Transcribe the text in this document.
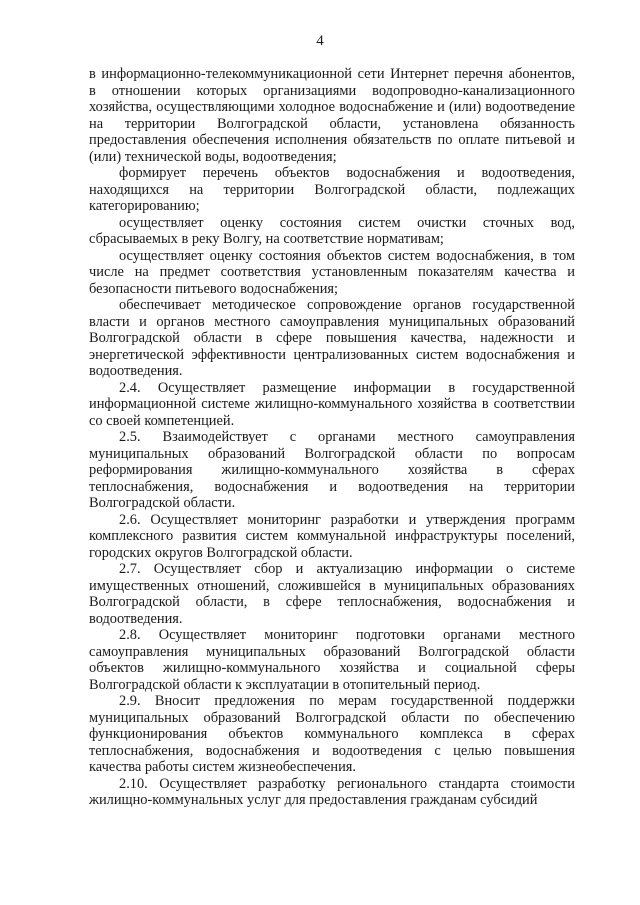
4

в информационно-телекоммуникационной сети Интернет перечня абонентов, в отношении которых организациями водопроводно-канализационного хозяйства, осуществляющими холодное водоснабжение и (или) водоотведение на территории Волгоградской области, установлена обязанность предоставления обеспечения исполнения обязательств по оплате питьевой и (или) технической воды, водоотведения;

формирует перечень объектов водоснабжения и водоотведения, находящихся на территории Волгоградской области, подлежащих категорированию;

осуществляет оценку состояния систем очистки сточных вод, сбрасываемых в реку Волгу, на соответствие нормативам;

осуществляет оценку состояния объектов систем водоснабжения, в том числе на предмет соответствия установленным показателям качества и безопасности питьевого водоснабжения;

обеспечивает методическое сопровождение органов государственной власти и органов местного самоуправления муниципальных образований Волгоградской области в сфере повышения качества, надежности и энергетической эффективности централизованных систем водоснабжения и водоотведения.

2.4. Осуществляет размещение информации в государственной информационной системе жилищно-коммунального хозяйства в соответствии со своей компетенцией.

2.5. Взаимодействует с органами местного самоуправления муниципальных образований Волгоградской области по вопросам реформирования жилищно-коммунального хозяйства в сферах теплоснабжения, водоснабжения и водоотведения на территории Волгоградской области.

2.6. Осуществляет мониторинг разработки и утверждения программ комплексного развития систем коммунальной инфраструктуры поселений, городских округов Волгоградской области.

2.7. Осуществляет сбор и актуализацию информации о системе имущественных отношений, сложившейся в муниципальных образованиях Волгоградской области, в сфере теплоснабжения, водоснабжения и водоотведения.

2.8. Осуществляет мониторинг подготовки органами местного самоуправления муниципальных образований Волгоградской области объектов жилищно-коммунального хозяйства и социальной сферы Волгоградской области к эксплуатации в отопительный период.

2.9. Вносит предложения по мерам государственной поддержки муниципальных образований Волгоградской области по обеспечению функционирования объектов коммунального комплекса в сферах теплоснабжения, водоснабжения и водоотведения с целью повышения качества работы систем жизнеобеспечения.

2.10. Осуществляет разработку регионального стандарта стоимости жилищно-коммунальных услуг для предоставления гражданам субсидий
